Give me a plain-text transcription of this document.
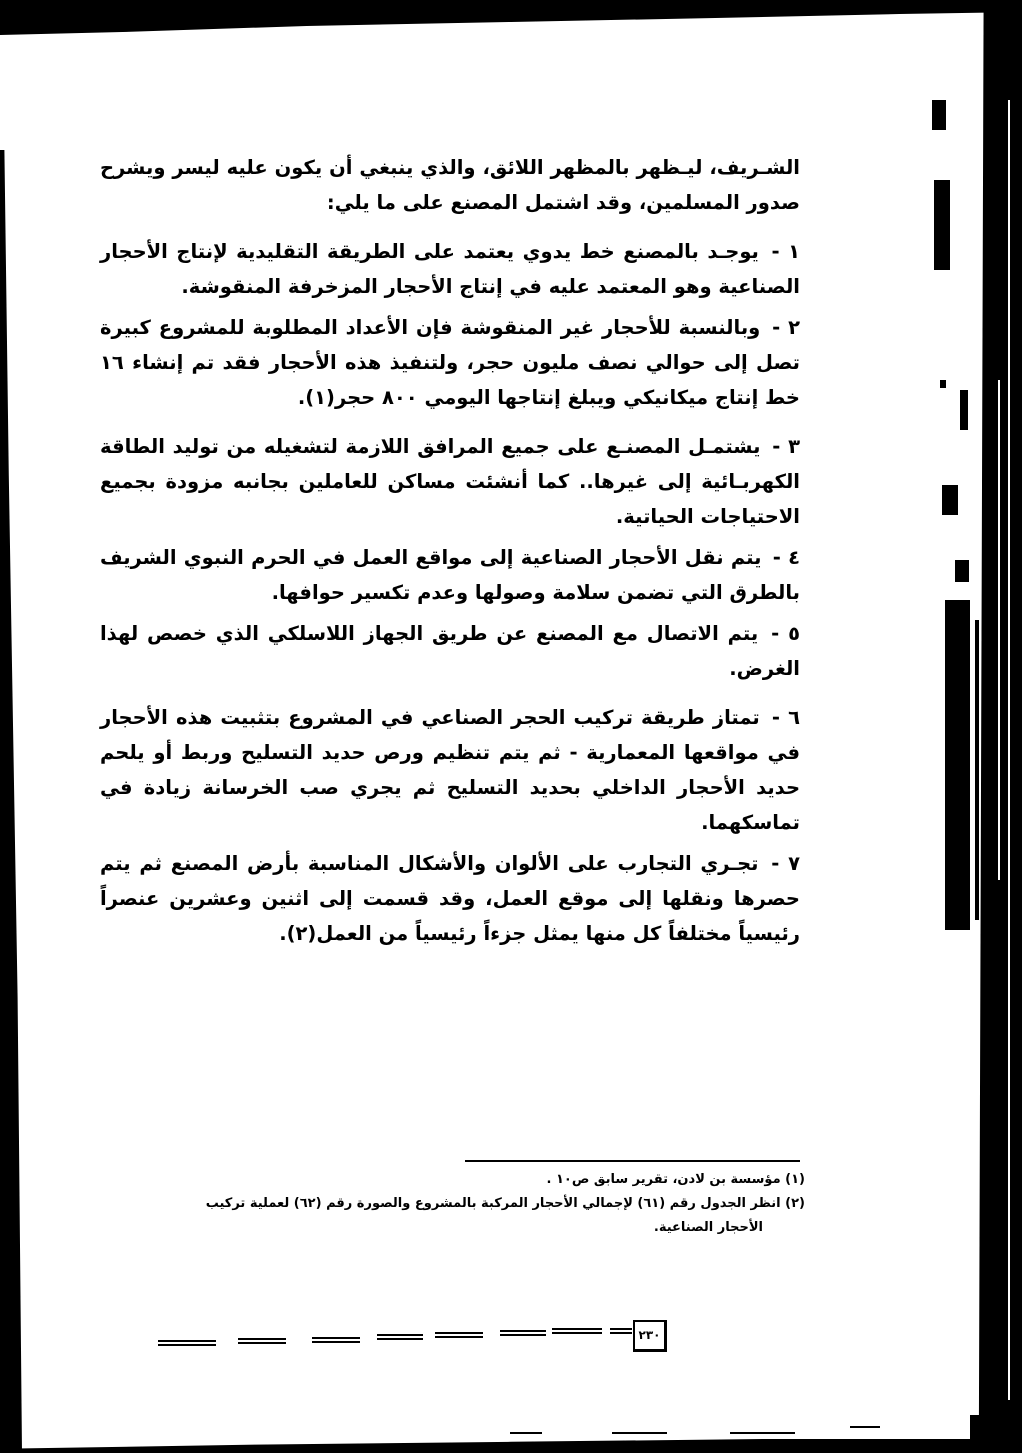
الشـريف، ليـظهر بالمظهر اللائق، والذي ينبغي أن يكون عليه ليسر ويشرح صدور المسلمين، وقد اشتمل المصنع على ما يلي:

١ - يوجـد بالمصنع خط يدوي يعتمد على الطريقة التقليدية لإنتاج الأحجار الصناعية وهو المعتمد عليه في إنتاج الأحجار المزخرفة المنقوشة.

٢ - وبالنسبة للأحجار غير المنقوشة فإن الأعداد المطلوبة للمشروع كبيرة تصل إلى حوالي نصف مليون حجر، ولتنفيذ هذه الأحجار فقد تم إنشاء ١٦ خط إنتاج ميكانيكي ويبلغ إنتاجها اليومي ٨٠٠ حجر(١).

٣ - يشتمـل المصنـع على جميع المرافق اللازمة لتشغيله من توليد الطاقة الكهربـائية إلى غيرها.. كما أنشئت مساكن للعاملين بجانبه مزودة بجميع الاحتياجات الحياتية.

٤ - يتم نقل الأحجار الصناعية إلى مواقع العمل في الحرم النبوي الشريف بالطرق التي تضمن سلامة وصولها وعدم تكسير حوافها.

٥ - يتم الاتصال مع المصنع عن طريق الجهاز اللاسلكي الذي خصص لهذا الغرض.

٦ - تمتاز طريقة تركيب الحجر الصناعي في المشروع بتثبيت هذه الأحجار في مواقعها المعمارية - ثم يتم تنظيم ورص حديد التسليح وربط أو يلحم حديد الأحجار الداخلي بحديد التسليح ثم يجري صب الخرسانة زيادة في تماسكهما.

٧ - تجـري التجارب على الألوان والأشكال المناسبة بأرض المصنع ثم يتم حصرها ونقلها إلى موقع العمل، وقد قسمت إلى اثنين وعشرين عنصراً رئيسياً مختلفاً كل منها يمثل جزءاً رئيسياً من العمل(٢).

(١) مؤسسة بن لادن، تقرير سابق ص١٠ .
(٢) انظر الجدول رقم (٦١) لإجمالي الأحجار المركبة بالمشروع والصورة رقم (٦٢) لعملية تركيب
الأحجار الصناعية.
٢٣٠
